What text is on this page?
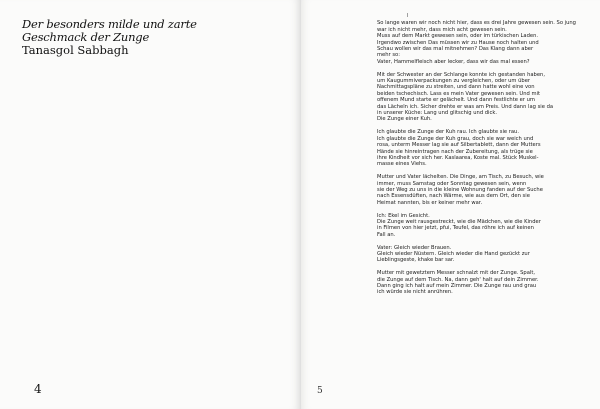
Der besonders milde und zarte
Geschmack der Zunge
Tanasgol Sabbagh
4
I

So lange waren wir noch nicht hier, dass es drei Jahre gewesen sein. So jung war ich nicht mehr, dass mich acht gewesen sein.
Muss auf dem Markt gewesen sein, oder im türkischen Laden.
Irgendwo zwischen Das müssen wir zu Hause noch halten und
Schau wollen wir das mal mitnehmen? Das Klang dann aber
mehr so:
Vater, Hammelfleisch aber lecker, dass wir das mal essen?

Mit der Schwester an der Schlange konnte ich gestanden haben,
um Kaugummiverpackungen zu vergleichen, oder um über
Nachmittagspläne zu streiten, und dann hatte wohl eine von
beiden tschechisch. Lass es mein Vater gewesen sein. Und mit
offenem Mund starte er gelächelt. Und dann festlichte er um
das Lächeln ich. Sicher drehte er was am Preis. Und dann lag sie da
in unserer Küche: Lang und glitschig und dick.
Die Zunge einer Kuh.

Ich glaubte die Zunge der Kuh rau. Ich glaubte sie rau.
Ich glaubte die Zunge der Kuh grau, doch sie war weich und
rosa, unterm Messer lag sie auf Silbertablett, dann der Mutters
Hände sie hinreintragen nach der Zubereitung, als trüge sie
ihre Kindheit vor sich her. Kaslaarea, Koste mal. Stück Muskel-
masse eines Viehs.

Mutter und Vater lächelten. Die Dinge, am Tisch, zu Besuch, wie
immer, muss Samstag oder Sonntag gewesen sein, wenn
sie der Weg zu uns in die kleine Wohnung fanden auf der Suche
nach Essensdüften, nach Wärme, wie aus dem Ort, den sie
Heimat nannten, bis er keiner mehr war.

Ich: Ekel im Gesicht.
Die Zunge weit rausgestreckt, wie die Mädchen, wie die Kinder
in Filmen von hier jetzt, pfui, Teufel, das röhre ich auf keinen
Fall an.

Vater: Gleich wieder Brauen.
Gleich wieder Nüstern. Gleich wieder die Hand gezückt zur
Lieblingsgeste, khake bar sar.

Mutter mit gewetztem Messer schnalzt mit der Zunge. Spalt,
die Zunge auf dem Tisch. Na, dann geh' halt auf dein Zimmer.
Dann ging ich halt auf mein Zimmer. Die Zunge rau und grau
ich würde sie nicht anrühren.

5
